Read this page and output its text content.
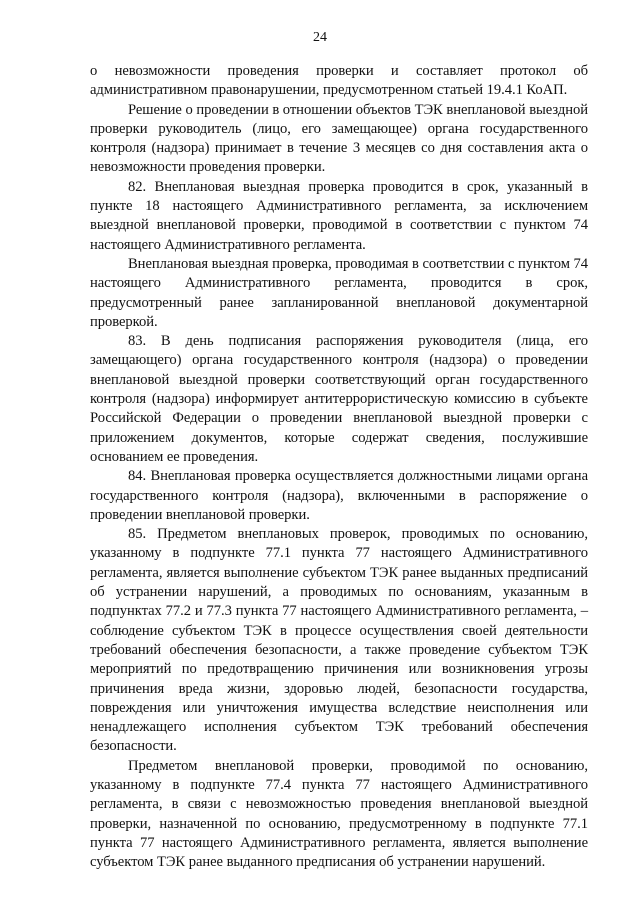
24

о невозможности проведения проверки и составляет протокол об административном правонарушении, предусмотренном статьей 19.4.1 КоАП.

Решение о проведении в отношении объектов ТЭК внеплановой выездной проверки руководитель (лицо, его замещающее) органа государственного контроля (надзора) принимает в течение 3 месяцев со дня составления акта о невозможности проведения проверки.

82. Внеплановая выездная проверка проводится в срок, указанный в пункте 18 настоящего Административного регламента, за исключением выездной внеплановой проверки, проводимой в соответствии с пунктом 74 настоящего Административного регламента.

Внеплановая выездная проверка, проводимая в соответствии с пунктом 74 настоящего Административного регламента, проводится в срок, предусмотренный ранее запланированной внеплановой документарной проверкой.

83. В день подписания распоряжения руководителя (лица, его замещающего) органа государственного контроля (надзора) о проведении внеплановой выездной проверки соответствующий орган государственного контроля (надзора) информирует антитеррористическую комиссию в субъекте Российской Федерации о проведении внеплановой выездной проверки с приложением документов, которые содержат сведения, послужившие основанием ее проведения.

84. Внеплановая проверка осуществляется должностными лицами органа государственного контроля (надзора), включенными в распоряжение о проведении внеплановой проверки.

85. Предметом внеплановых проверок, проводимых по основанию, указанному в подпункте 77.1 пункта 77 настоящего Административного регламента, является выполнение субъектом ТЭК ранее выданных предписаний об устранении нарушений, а проводимых по основаниям, указанным в подпунктах 77.2 и 77.3 пункта 77 настоящего Административного регламента, – соблюдение субъектом ТЭК в процессе осуществления своей деятельности требований обеспечения безопасности, а также проведение субъектом ТЭК мероприятий по предотвращению причинения или возникновения угрозы причинения вреда жизни, здоровью людей, безопасности государства, повреждения или уничтожения имущества вследствие неисполнения или ненадлежащего исполнения субъектом ТЭК требований обеспечения безопасности.

Предметом внеплановой проверки, проводимой по основанию, указанному в подпункте 77.4 пункта 77 настоящего Административного регламента, в связи с невозможностью проведения внеплановой выездной проверки, назначенной по основанию, предусмотренному в подпункте 77.1 пункта 77 настоящего Административного регламента, является выполнение субъектом ТЭК ранее выданного предписания об устранении нарушений.
